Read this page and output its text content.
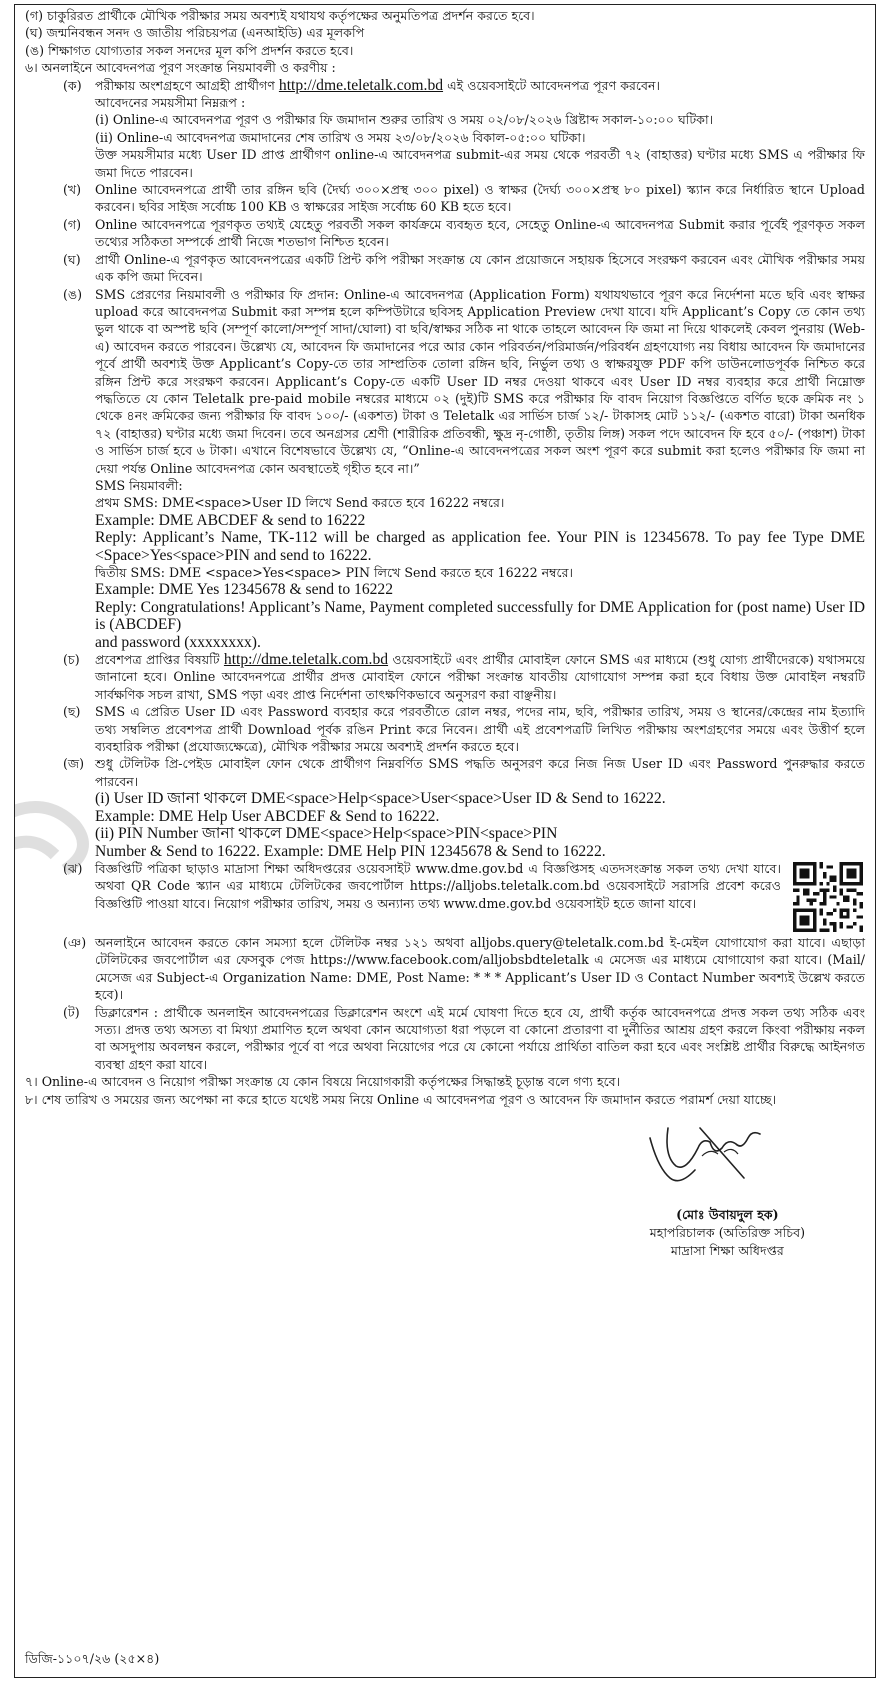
(গ) চাকুরিরত প্রার্থীকে মৌখিক পরীক্ষার সময় অবশ্যই যথাযথ কর্তৃপক্ষের অনুমতিপত্র প্রদর্শন করতে হবে।

(ঘ) জন্মনিবন্ধন সনদ ও জাতীয় পরিচয়পত্র (এনআইডি) এর মূলকপি

(ঙ) শিক্ষাগত যোগ্যতার সকল সনদের মূল কপি প্রদর্শন করতে হবে।

৬। অনলাইনে আবেদনপত্র পূরণ সংক্রান্ত নিয়মাবলী ও করণীয় :

(ক)	পরীক্ষায় অংশগ্রহণে আগ্রহী প্রার্থীগণ http://dme.teletalk.com.bd এই ওয়েবসাইটে আবেদনপত্র পূরণ করবেন।

আবেদনের সময়সীমা নিম্নরূপ :

(i) Online-এ আবেদনপত্র পূরণ ও পরীক্ষার ফি জমাদান শুরুর তারিখ ও সময় ০২/০৮/২০২৬ খ্রিষ্টাব্দ সকাল-১০:০০ ঘটিকা।

(ii) Online-এ আবেদনপত্র জমাদানের শেষ তারিখ ও সময় ২৩/০৮/২০২৬ বিকাল-০৫:০০ ঘটিকা।

উক্ত সময়সীমার মধ্যে User ID প্রাপ্ত প্রার্থীগণ online-এ আবেদনপত্র submit-এর সময় থেকে পরবর্তী ৭২ (বাহাত্তর) ঘণ্টার মধ্যে SMS এ পরীক্ষার ফি জমা দিতে পারবেন।

(খ)	Online আবেদনপত্রে প্রার্থী তার রঙ্গিন ছবি (দৈর্ঘ্য ৩০০×প্রস্থ ৩০০ pixel) ও স্বাক্ষর (দৈর্ঘ্য ৩০০×প্রস্থ ৮০ pixel) স্ক্যান করে নির্ধারিত স্থানে Upload করবেন। ছবির সাইজ সর্বোচ্চ 100 KB ও স্বাক্ষরের সাইজ সর্বোচ্চ 60 KB হতে হবে।

(গ)	Online আবেদনপত্রে পূরণকৃত তথ্যই যেহেতু পরবর্তী সকল কার্যক্রমে ব্যবহৃত হবে, সেহেতু Online-এ আবেদনপত্র Submit করার পূর্বেই পূরণকৃত সকল তথ্যের সঠিকতা সম্পর্কে প্রার্থী নিজে শতভাগ নিশ্চিত হবেন।

(ঘ)	প্রার্থী Online-এ পূরণকৃত আবেদনপত্রের একটি প্রিন্ট কপি পরীক্ষা সংক্রান্ত যে কোন প্রয়োজনে সহায়ক হিসেবে সংরক্ষণ করবেন এবং মৌখিক পরীক্ষার সময় এক কপি জমা দিবেন।

(ঙ)	SMS প্রেরণের নিয়মাবলী ও পরীক্ষার ফি প্রদান: Online-এ আবেদনপত্র (Application Form) যথাযথভাবে পূরণ করে নির্দেশনা মতে ছবি এবং স্বাক্ষর upload করে আবেদনপত্র Submit করা সম্পন্ন হলে কম্পিউটারে ছবিসহ Application Preview দেখা যাবে। যদি Applicant’s Copy তে কোন তথ্য ভুল থাকে বা অস্পষ্ট ছবি (সম্পূর্ণ কালো/সম্পূর্ণ সাদা/ঘোলা) বা ছবি/স্বাক্ষর সঠিক না থাকে তাহলে আবেদন ফি জমা না দিয়ে থাকলেই কেবল পুনরায় (Web-এ) আবেদন করতে পারবেন। উল্লেখ্য যে, আবেদন ফি জমাদানের পরে আর কোন পরিবর্তন/পরিমার্জন/পরিবর্ধন গ্রহণযোগ্য নয় বিধায় আবেদন ফি জমাদানের পূর্বে প্রার্থী অবশ্যই উক্ত Applicant’s Copy-তে তার সাম্প্রতিক তোলা রঙ্গিন ছবি, নির্ভুল তথ্য ও স্বাক্ষরযুক্ত PDF কপি ডাউনলোডপূর্বক নিশ্চিত করে রঙ্গিন প্রিন্ট করে সংরক্ষণ করবেন। Applicant’s Copy-তে একটি User ID নম্বর দেওয়া থাকবে এবং User ID নম্বর ব্যবহার করে প্রার্থী নিম্নোক্ত পদ্ধতিতে যে কোন Teletalk pre-paid mobile নম্বরের মাধ্যমে ০২ (দুই)টি SMS করে পরীক্ষার ফি বাবদ নিয়োগ বিজ্ঞপ্তিতে বর্ণিত ছকে ক্রমিক নং ১ থেকে ৪নং ক্রমিকের জন্য পরীক্ষার ফি বাবদ ১০০/- (একশত) টাকা ও Teletalk এর সার্ভিস চার্জ ১২/- টাকাসহ মোট ১১২/- (একশত বারো) টাকা অনধিক ৭২ (বাহাত্তর) ঘণ্টার মধ্যে জমা দিবেন। তবে অনগ্রসর শ্রেণী (শারীরিক প্রতিবন্ধী, ক্ষুদ্র নৃ-গোষ্ঠী, তৃতীয় লিঙ্গ) সকল পদে আবেদন ফি হবে ৫০/- (পঞ্চাশ) টাকা ও সার্ভিস চার্জ হবে ৬ টাকা। এখানে বিশেষভাবে উল্লেখ্য যে, “Online-এ আবেদনপত্রের সকল অংশ পূরণ করে submit করা হলেও পরীক্ষার ফি জমা না দেয়া পর্যন্ত Online আবেদনপত্র কোন অবস্থাতেই গৃহীত হবে না।”

SMS নিয়মাবলী:

প্রথম SMS: DME<space>User ID লিখে Send করতে হবে 16222 নম্বরে।

Example: DME ABCDEF & send to 16222

Reply: Applicant’s Name, TK-112 will be charged as application fee. Your PIN is 12345678. To pay fee Type DME <Space>Yes<space>PIN and send to 16222.

দ্বিতীয় SMS: DME <space>Yes<space> PIN লিখে Send করতে হবে 16222 নম্বরে।

Example: DME Yes 12345678 & send to 16222

Reply: Congratulations! Applicant’s Name, Payment completed successfully for DME Application for (post name) User ID is (ABCDEF)

and password (xxxxxxxx).

(চ)	প্রবেশপত্র প্রাপ্তির বিষয়টি http://dme.teletalk.com.bd ওয়েবসাইটে এবং প্রার্থীর মোবাইল ফোনে SMS এর মাধ্যমে (শুধু যোগ্য প্রার্থীদেরকে) যথাসময়ে জানানো হবে। Online আবেদনপত্রে প্রার্থীর প্রদত্ত মোবাইল ফোনে পরীক্ষা সংক্রান্ত যাবতীয় যোগাযোগ সম্পন্ন করা হবে বিধায় উক্ত মোবাইল নম্বরটি সার্বক্ষণিক সচল রাখা, SMS পড়া এবং প্রাপ্ত নির্দেশনা তাৎক্ষণিকভাবে অনুসরণ করা বাঞ্ছনীয়।

(ছ)	SMS এ প্রেরিত User ID এবং Password ব্যবহার করে পরবর্তীতে রোল নম্বর, পদের নাম, ছবি, পরীক্ষার তারিখ, সময় ও স্থানের/কেন্দ্রের নাম ইত্যাদি তথ্য সম্বলিত প্রবেশপত্র প্রার্থী Download পূর্বক রঙিন Print করে নিবেন। প্রার্থী এই প্রবেশপত্রটি লিখিত পরীক্ষায় অংশগ্রহণের সময়ে এবং উত্তীর্ণ হলে ব্যবহারিক পরীক্ষা (প্রযোজ্যক্ষেত্রে), মৌখিক পরীক্ষার সময়ে অবশ্যই প্রদর্শন করতে হবে।

(জ) শুধু টেলিটক প্রি-পেইড মোবাইল ফোন থেকে প্রার্থীগণ নিম্নবর্ণিত SMS পদ্ধতি অনুসরণ করে নিজ নিজ User ID এবং Password পুনরুদ্ধার করতে পারবেন।

(i) User ID জানা থাকলে DME<space>Help<space>User<space>User ID & Send to 16222.

Example: DME Help User ABCDEF & Send to 16222.

(ii) PIN Number জানা থাকলে DME<space>Help<space>PIN<space>PIN

Number & Send to 16222. Example: DME Help PIN 12345678 & Send to 16222.

(ঝ)	বিজ্ঞপ্তিটি পত্রিকা ছাড়াও মাদ্রাসা শিক্ষা অধিদপ্তরের ওয়েবসাইট www.dme.gov.bd এ বিজ্ঞপ্তিসহ এতদসংক্রান্ত সকল তথ্য দেখা যাবে। অথবা QR Code স্ক্যান এর মাধ্যমে টেলিটকের জবপোর্টাল https://alljobs.teletalk.com.bd ওয়েবসাইটে সরাসরি প্রবেশ করেও বিজ্ঞপ্তিটি পাওয়া যাবে। নিয়োগ পরীক্ষার তারিখ, সময় ও অন্যান্য তথ্য www.dme.gov.bd ওয়েবসাইট হতে জানা যাবে।

(ঞ) অনলাইনে আবেদন করতে কোন সমস্যা হলে টেলিটক নম্বর ১২১ অথবা alljobs.query@teletalk.com.bd ই-মেইল যোগাযোগ করা যাবে। এছাড়া টেলিটকের জবপোর্টাল এর ফেসবুক পেজ https://www.facebook.com/alljobsbdteletalk এ মেসেজ এর মাধ্যমে যোগাযোগ করা যাবে। (Mail/মেসেজ এর Subject-এ Organization Name: DME, Post Name: * * * Applicant’s User ID ও Contact Number অবশ্যই উল্লেখ করতে হবে)।

(ট)	ডিক্লারেশন : প্রার্থীকে অনলাইন আবেদনপত্রের ডিক্লারেশন অংশে এই মর্মে ঘোষণা দিতে হবে যে, প্রার্থী কর্তৃক আবেদনপত্রে প্রদত্ত সকল তথ্য সঠিক এবং সত্য। প্রদত্ত তথ্য অসত্য বা মিথ্যা প্রমাণিত হলে অথবা কোন অযোগ্যতা ধরা পড়লে বা কোনো প্রতারণা বা দুর্নীতির আশ্রয় গ্রহণ করলে কিংবা পরীক্ষায় নকল বা অসদুপায় অবলম্বন করলে, পরীক্ষার পূর্বে বা পরে অথবা নিয়োগের পরে যে কোনো পর্যায়ে প্রার্থিতা বাতিল করা হবে এবং সংশ্লিষ্ট প্রার্থীর বিরুদ্ধে আইনগত ব্যবস্থা গ্রহণ করা যাবে।

৭। Online-এ আবেদন ও নিয়োগ পরীক্ষা সংক্রান্ত যে কোন বিষয়ে নিয়োগকারী কর্তৃপক্ষের সিদ্ধান্তই চূড়ান্ত বলে গণ্য হবে।

৮। শেষ তারিখ ও সময়ের জন্য অপেক্ষা না করে হাতে যথেষ্ট সময় নিয়ে Online এ আবেদনপত্র পূরণ ও আবেদন ফি জমাদান করতে পরামর্শ দেয়া যাচ্ছে।

(মোঃ উবায়দুল হক)
মহাপরিচালক (অতিরিক্ত সচিব)
মাদ্রাসা শিক্ষা অধিদপ্তর
ডিজি-১১০৭/২৬ (২৫×৪)
